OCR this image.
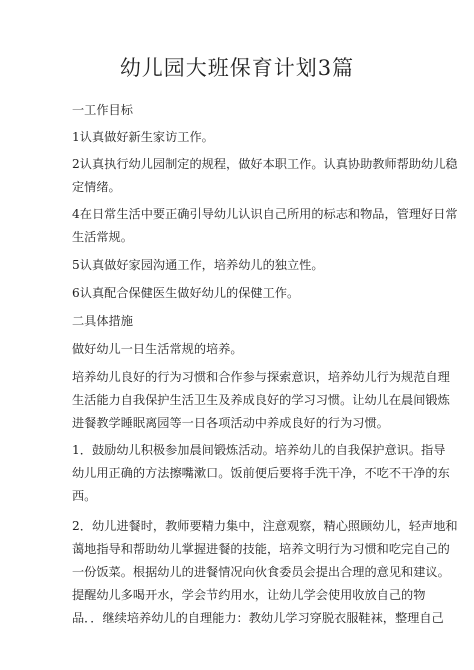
幼儿园大班保育计划3篇

一工作目标

1认真做好新生家访工作。

2认真执行幼儿园制定的规程，做好本职工作。认真协助教师帮助幼儿稳

定情绪。

4在日常生活中要正确引导幼儿认识自己所用的标志和物品，管理好日常

生活常规。

5认真做好家园沟通工作，培养幼儿的独立性。

6认真配合保健医生做好幼儿的保健工作。

二具体措施

做好幼儿一日生活常规的培养。

培养幼儿良好的行为习惯和合作参与探索意识，培养幼儿行为规范自理

生活能力自我保护生活卫生及养成良好的学习习惯。让幼儿在晨间锻炼

进餐教学睡眠离园等一日各项活动中养成良好的行为习惯。

1．鼓励幼儿积极参加晨间锻炼活动。培养幼儿的自我保护意识。指导

幼儿用正确的方法擦嘴漱口。饭前便后要将手洗干净，不吃不干净的东

西。

2．幼儿进餐时，教师要精力集中，注意观察，精心照顾幼儿，轻声地和

蔼地指导和帮助幼儿掌握进餐的技能，培养文明行为习惯和吃完自己的

一份饭菜。根据幼儿的进餐情况向伙食委员会提出合理的意见和建议。

提醒幼儿多喝开水，学会节约用水，让幼儿学会使用收放自己的物

品．．继续培养幼儿的自理能力：教幼儿学习穿脱衣服鞋袜，整理自己
